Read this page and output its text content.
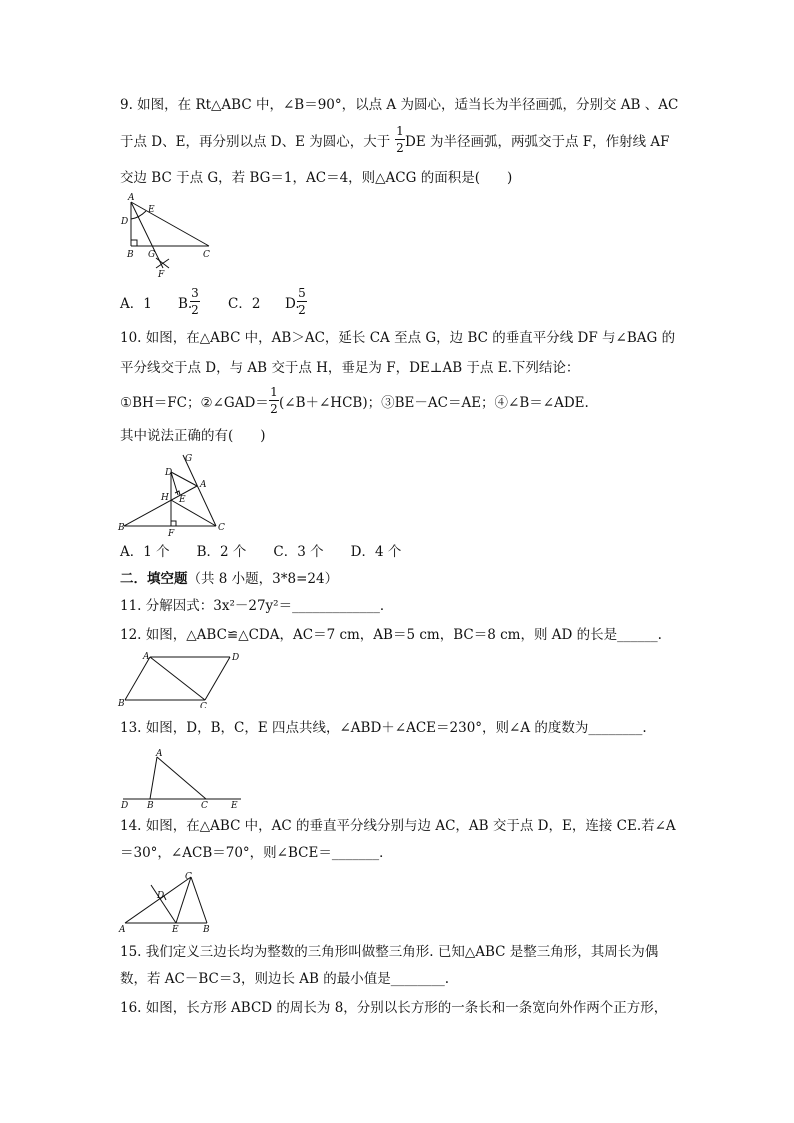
9. 如图，在 Rt△ABC 中，∠B＝90°，以点 A 为圆心，适当长为半径画弧，分别交 AB 、AC
于点 D、E，再分别以点 D、E 为圆心，大于
1
2 DE 为半径画弧，两弧交于点 F，作射线 AF
交边 BC 于点 G，若 BG＝1，AC＝4，则△ACG 的面积是(　　)
A
E
D
B G	C
F
A．1 B.
3
2 C．2 D.
5
2
10. 如图，在△ABC 中，AB＞AC，延长 CA 至点 G，边 BC 的垂直平分线 DF 与∠BAG 的
平分线交于点 D，与 AB 交于点 H，垂足为 F，DE⊥AB 于点 E.下列结论：
①BH＝FC；②∠GAD＝
1
2 (∠B＋∠HCB)；③BE－AC＝AE；④∠B＝∠ADE.
其中说法正确的有(　　)
G
D
A
H E
B
F
C
A．1 个　　B．2 个　　C．3 个　　D．4 个
二．填空题（共 8 小题，3*8=24）
11. 分解因式：3x²－27y²＝_____________．
12. 如图，△ABC≌△CDA，AC＝7 cm，AB＝5 cm，BC＝8 cm，则 AD 的长是______.
A	D
B	C
13. 如图，D，B，C，E 四点共线，∠ABD＋∠ACE＝230°，则∠A 的度数为________.
A
D B	C	E
14. 如图，在△ABC 中，AC 的垂直平分线分别与边 AC，AB 交于点 D，E，连接 CE.若∠A
＝30°，∠ACB＝70°，则∠BCE＝_______．
C
D
A	E	B
15. 我们定义三边长均为整数的三角形叫做整三角形. 已知△ABC 是整三角形，其周长为偶
数，若 AC－BC＝3，则边长 AB 的最小值是________.
16. 如图，长方形 ABCD 的周长为 8，分别以长方形的一条长和一条宽向外作两个正方形，
